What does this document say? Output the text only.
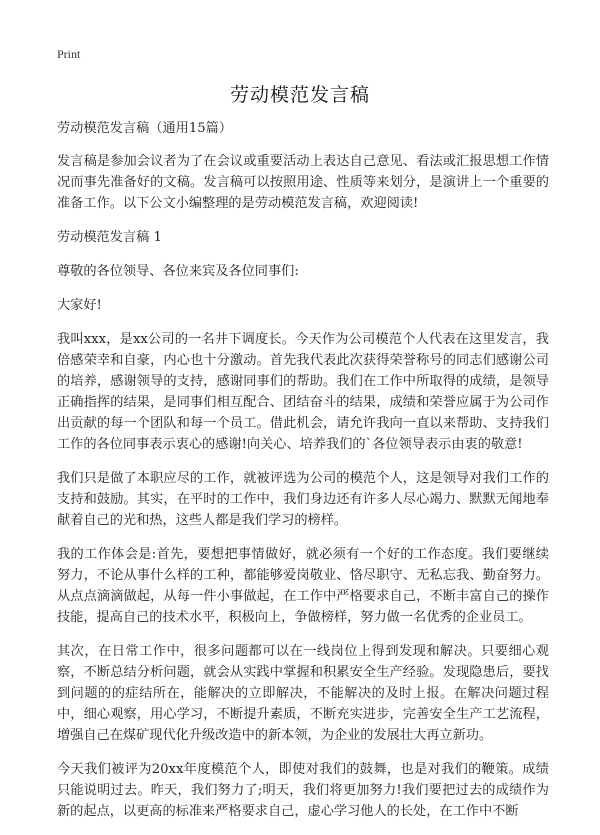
Print
劳动模范发言稿

劳动模范发言稿（通用15篇）

发言稿是参加会议者为了在会议或重要活动上表达自己意见、看法或汇报思想工作情况而事先准备好的文稿。发言稿可以按照用途、性质等来划分，是演讲上一个重要的准备工作。以下公文小编整理的是劳动模范发言稿，欢迎阅读!

劳动模范发言稿 1

尊敬的各位领导、各位来宾及各位同事们:

大家好!

我叫xxx，是xx公司的一名井下调度长。今天作为公司模范个人代表在这里发言，我倍感荣幸和自豪，内心也十分激动。首先我代表此次获得荣誉称号的同志们感谢公司的培养，感谢领导的支持，感谢同事们的帮助。我们在工作中所取得的成绩，是领导正确指挥的结果，是同事们相互配合、团结奋斗的结果，成绩和荣誉应属于为公司作出贡献的每一个团队和每一个员工。借此机会，请允许我向一直以来帮助、支持我们工作的各位同事表示衷心的感谢!向关心、培养我们的`各位领导表示由衷的敬意!

我们只是做了本职应尽的工作，就被评选为公司的模范个人，这是领导对我们工作的支持和鼓励。其实，在平时的工作中，我们身边还有许多人尽心竭力、默默无闻地奉献着自己的光和热，这些人都是我们学习的榜样。

我的工作体会是:首先，要想把事情做好，就必须有一个好的工作态度。我们要继续努力，不论从事什么样的工种，都能够爱岗敬业、恪尽职守、无私忘我、勤奋努力。从点点滴滴做起，从每一件小事做起，在工作中严格要求自己，不断丰富自己的操作技能，提高自己的技术水平，积极向上，争做榜样，努力做一名优秀的企业员工。

其次，在日常工作中，很多问题都可以在一线岗位上得到发现和解决。只要细心观察，不断总结分析问题，就会从实践中掌握和积累安全生产经验。发现隐患后，要找到问题的的症结所在，能解决的立即解决，不能解决的及时上报。在解决问题过程中，细心观察，用心学习，不断提升素质，不断充实进步，完善安全生产工艺流程，增强自己在煤矿现代化升级改造中的新本领，为企业的发展壮大再立新功。

今天我们被评为20xx年度模范个人，即使对我们的鼓舞，也是对我们的鞭策。成绩只能说明过去。昨天，我们努力了;明天，我们将更加努力!我们要把过去的成绩作为新的起点，以更高的标准来严格要求自己，虚心学习他人的长处，在工作中不断
